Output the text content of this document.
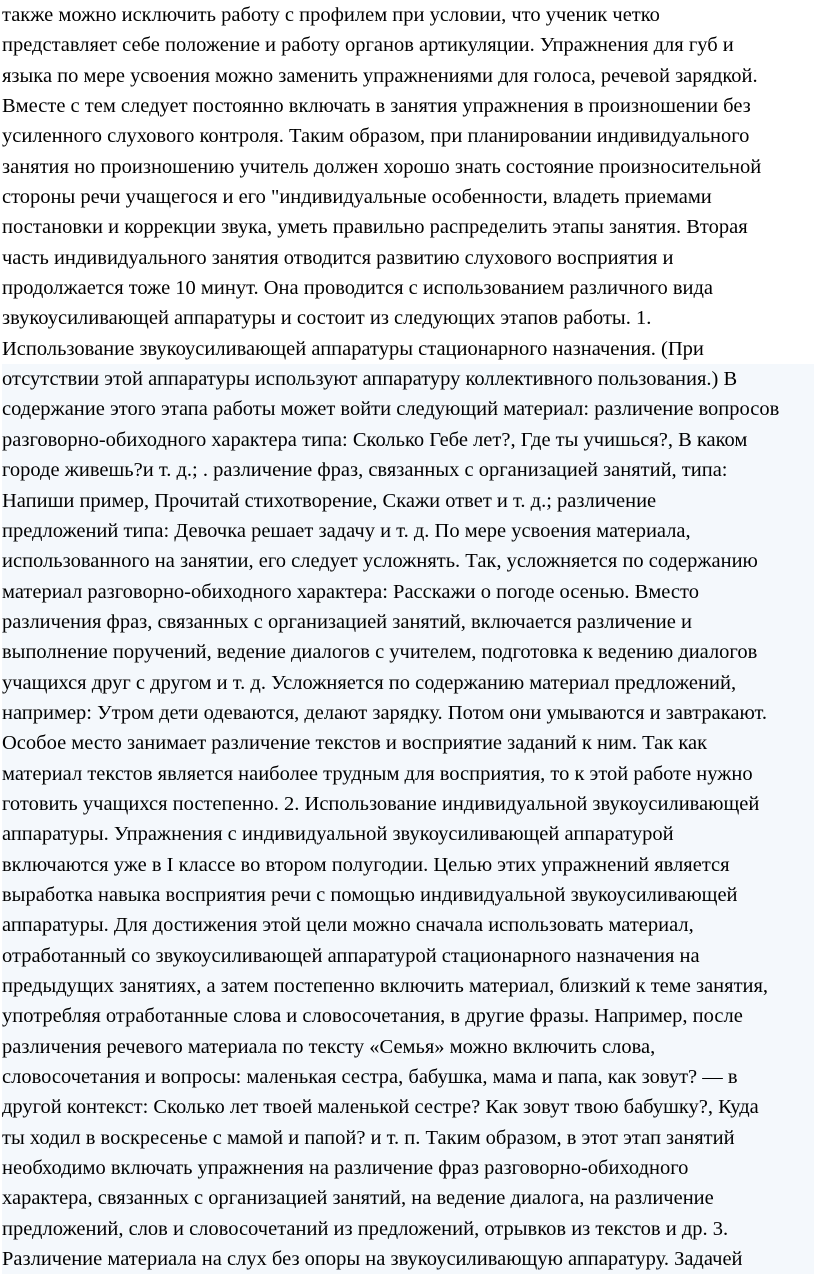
также можно исключить работу с профилем при условии, что ученик четко
представляет себе положение и работу органов артикуляции. Упражнения для губ и
языка по мере усвоения можно заменить упражнениями для голоса, речевой зарядкой.
Вместе с тем следует постоянно включать в занятия упражнения в произношении без
усиленного слухового контроля. Таким образом, при планировании индивидуального
занятия но произношению учитель должен хорошо знать состояние произносительной
стороны речи учащегося и его "индивидуальные особенности, владеть приемами
постановки и коррекции звука, уметь правильно распределить этапы занятия. Вторая
часть индивидуального занятия отводится развитию слухового восприятия и
продолжается тоже 10 минут. Она проводится с использованием различного вида
звукоусиливающей аппаратуры и состоит из следующих этапов работы. 1.
Использование звукоусиливающей аппаратуры стационарного назначения. (При
отсутствии этой аппаратуры используют аппаратуру коллективного пользования.) В
содержание этого этапа работы может войти следующий материал: различение вопросов
разговорно-обиходного характера типа: Сколько Гебе лет?, Где ты учишься?, В каком
городе живешь?и т. д.; . различение фраз, связанных с организацией занятий, типа:
Напиши пример, Прочитай стихотворение, Скажи ответ и т. д.; различение
предложений типа: Девочка решает задачу и т. д. По мере усвоения материала,
использованного на занятии, его следует усложнять. Так, усложняется по содержанию
материал разговорно-обиходного характера: Расскажи о погоде осенью. Вместо
различения фраз, связанных с организацией занятий, включается различение и
выполнение поручений, ведение диалогов с учителем, подготовка к ведению диалогов
учащихся друг с другом и т. д. Усложняется по содержанию материал предложений,
например: Утром дети одеваются, делают зарядку. Потом они умываются и завтракают.
Особое место занимает различение текстов и восприятие заданий к ним. Так как
материал текстов является наиболее трудным для восприятия, то к этой работе нужно
готовить учащихся постепенно. 2. Использование индивидуальной звукоусиливающей
аппаратуры. Упражнения с индивидуальной звукоусиливающей аппаратурой
включаются уже в I классе во втором полугодии. Целью этих упражнений является
выработка навыка восприятия речи с помощью индивидуальной звукоусиливающей
аппаратуры. Для достижения этой цели можно сначала использовать материал,
отработанный со звукоусиливающей аппаратурой стационарного назначения на
предыдущих занятиях, а затем постепенно включить материал, близкий к теме занятия,
употребляя отработанные слова и словосочетания, в другие фразы. Например, после
различения речевого материала по тексту «Семья» можно включить слова,
словосочетания и вопросы: маленькая сестра, бабушка, мама и папа, как зовут? — в
другой контекст: Сколько лет твоей маленькой сестре? Как зовут твою бабушку?, Куда
ты ходил в воскресенье с мамой и папой? и т. п. Таким образом, в этот этап занятий
необходимо включать упражнения на различение фраз разговорно-обиходного
характера, связанных с организацией занятий, на ведение диалога, на различение
предложений, слов и словосочетаний из предложений, отрывков из текстов и др. 3.
Различение материала на слух без опоры на звукоусиливающую аппаратуру. Задачей
